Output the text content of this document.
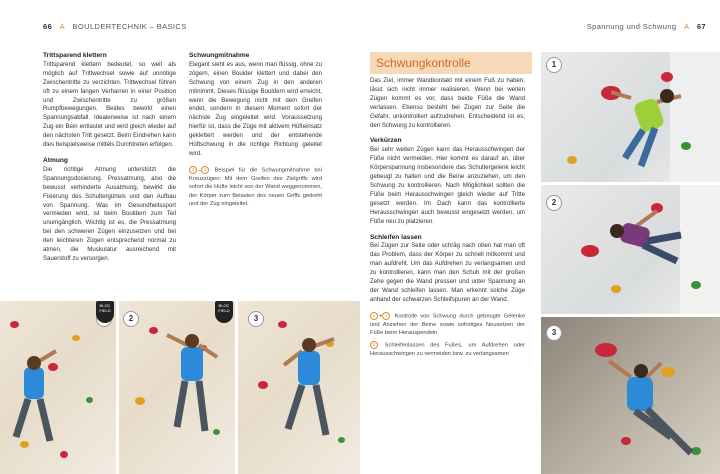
66 A BOULDERTECHNIK – BASICS
Trittsparend klettern

Trittsparend klettern bedeutet, so weit als möglich auf Trittwechsel sowie auf unnötige Zwischentritte zu verzichten. Trittwechsel führen oft zu einem langen Verharren in einer Position und Zwischentritte zu größen Rumpfbewegungen. Beides bewirkt einen Spannungsabfall. Idealerweise ist nach einem Zug ein Bein entlastet und wird gleich wieder auf den nächsten Tritt gesetzt. Beim Eindrehen kann dies beispielsweise mittels Durchtreten erfolgen.

Atmung

Die richtige Atmung unterstützt die Spannungsdosierung. Pressatmung, also die bewusst verhinderte Ausatmung, bewirkt die Fixierung des Schultergürtels und den Aufbau von Spannung. Was im Gesundheitssport vermieden wird, ist beim Bouldern zum Teil unumgänglich. Wichtig ist es, die Pressatmung bei den schweren Zügen einzusetzen und bei den leichteren Zügen entsprechend normal zu atmen, die Muskulatur ausreichend mit Sauerstoff zu versorgen.

Schwungmitnahme

Elegant sieht es aus, wenn man flüssig, ohne zu zögern, einen Boulder klettert und dabei den Schwung von einem Zug in den anderen mitnimmt. Dieses flüssige Bouldern wird erreicht, wenn die Bewegung nicht mit dem Greifen endet, sondern in diesem Moment sofort der nächste Zug eingeleitet wird. Voraussetzung hierfür ist, dass die Züge mit aktivem Hüfteinsatz geklettert werden und der entstehende Hüftschwung in die richtige Richtung geleitet wird.

1 – 3 Beispiel für die Schwungmitnahme bei Kreuzzügen: Mit dem Greifen des Zielgriffs wird sofort die Hüfte leicht von der Wand weggenommen, der Körper zum Belasten des neuen Griffs gedreht und der Zug eingeleitet.
BLOC FIELD
2
BLOC FIELD
3
Spannung und Schwung A 67
Schwungkontrolle

Das Ziel, immer Wandkontakt mit einem Fuß zu haben, lässt sich nicht immer realisieren. Wenn bei weiten Zügen kommt es vor, dass beide Füße die Wand verlassen. Ebenso besteht bei Zügen zur Seite die Gefahr, unkontrolliert aufzudrehen. Entscheidend ist es, den Schwung zu kontrollieren.

Verkürzen

Bei sehr weiten Zügen kann das Herausschwingen der Füße nicht vermeiden. Hier kommt es darauf an, über Körperspannung insbesondere das Schultergelenk leicht gebeugt zu halten und die Beine anzuziehen, um den Schwung zu kontrollieren. Nach Möglichkeit sollten die Füße beim Herausschwingen gleich wieder auf Tritte gesetzt werden. Im Dach kann das kontrollierte Herausschwingen auch bewusst eingesetzt werden, um Füße neu zu platzieren.

Schleifen lassen

Bei Zügen zur Seite oder schräg nach oben hat man oft das Problem, dass der Körper zu schnell mitkommt und man aufdreht. Um das Aufdrehen zu verlangsamen und zu kontrollieren, kann man den Schuh mit der großen Zehe gegen die Wand pressen und unter Spannung an der Wand schleifen lassen. Man erkennt solche Züge anhand der schwarzen Schleifspuren an der Wand.

1 + 2 Kontrolle von Schwung durch gebeugte Gelenke und Anziehen der Beine sowie sofortiges Neusetzen der Füße beim Herauspendeln
3 Schleifenlassen des Fußes, um Aufdrehen oder Herausschwingen zu vermeiden bzw. zu verlangsamen
1
2
3
